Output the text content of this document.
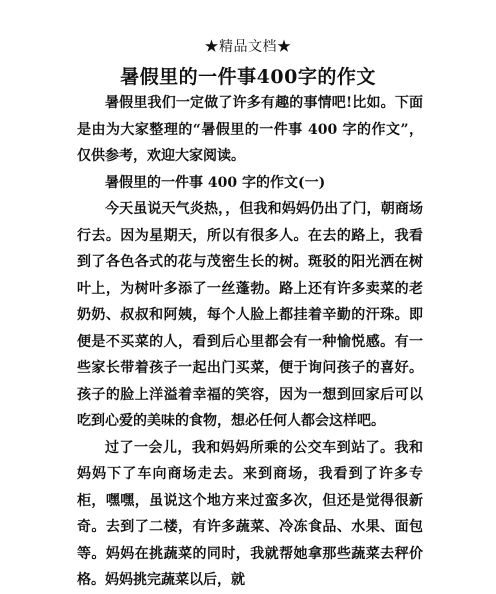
★精品文档★
暑假里的一件事400字的作文

暑假里我们一定做了许多有趣的事情吧!比如。下面是由为大家整理的“暑假里的一件事 400 字的作文”，仅供参考，欢迎大家阅读。

暑假里的一件事 400 字的作文(一)

今天虽说天气炎热，，但我和妈妈仍出了门，朝商场行去。因为星期天，所以有很多人。在去的路上，我看到了各色各式的花与茂密生长的树。斑驳的阳光洒在树叶上，为树叶多添了一丝蓬勃。路上还有许多卖菜的老奶奶、叔叔和阿姨，每个人脸上都挂着辛勤的汗珠。即便是不买菜的人，看到后心里都会有一种愉悦感。有一些家长带着孩子一起出门买菜，便于询问孩子的喜好。孩子的脸上洋溢着幸福的笑容，因为一想到回家后可以吃到心爱的美味的食物，想必任何人都会这样吧。

过了一会儿，我和妈妈所乘的公交车到站了。我和妈妈下了车向商场走去。来到商场，我看到了许多专柜，嘿嘿，虽说这个地方来过蛮多次，但还是觉得很新奇。去到了二楼，有许多蔬菜、冷冻食品、水果、面包等。妈妈在挑蔬菜的同时，我就帮她拿那些蔬菜去秤价格。妈妈挑完蔬菜以后，就
